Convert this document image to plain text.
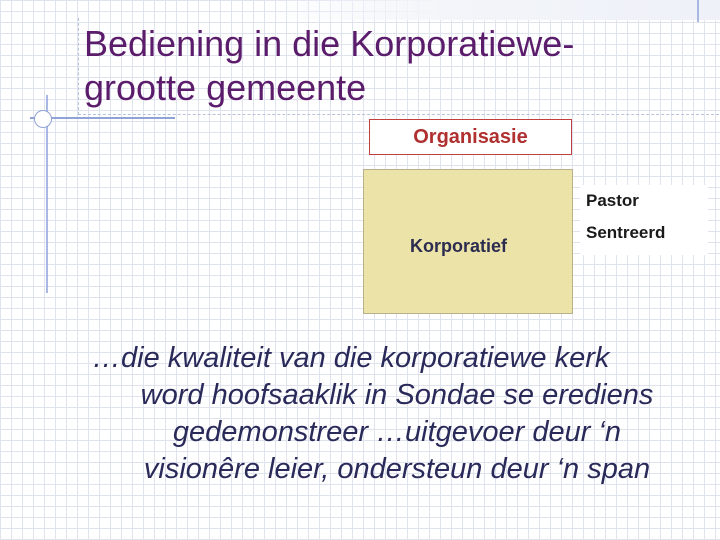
Bediening in die Korporatiewe-
grootte gemeente
Organisasie
Korporatief
Pastor
Sentreerd
…die kwaliteit van die korporatiewe kerk
word hoofsaaklik in Sondae se erediens
gedemonstreer …uitgevoer deur ‘n
visionêre leier, ondersteun deur ‘n span
